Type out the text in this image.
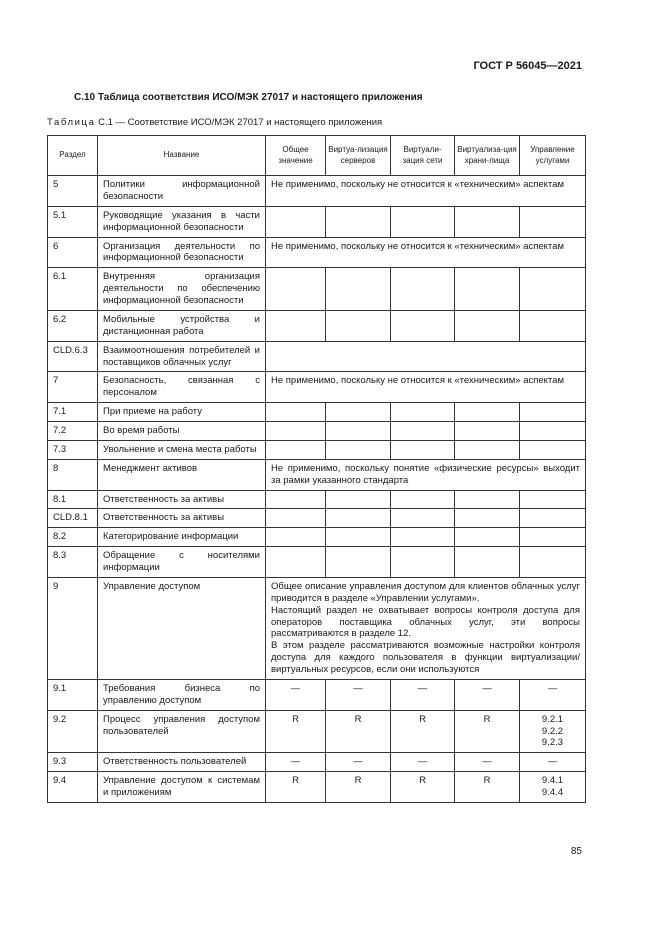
ГОСТ Р 56045—2021
С.10 Таблица соответствия ИСО/МЭК 27017 и настоящего приложения
Таблица С.1 — Соответствие ИСО/МЭК 27017 и настоящего приложения
Раздел	Название	Общее значение	Виртуа-лизация серверов	Виртуали-зация сети	Виртуализа-ция храни-лища	Управление услугами
5	Политики информационной безопасности	Не применимо, поскольку не относится к «техническим» аспектам				
5.1	Руководящие указания в части информационной безопасности					
6	Организация деятельности по информационной безопасности	Не применимо, поскольку не относится к «техническим» аспектам				
6.1	Внутренняя организация деятельности по обеспечению информационной безопасности					
6.2	Мобильные устройства и дистанционная работа					
CLD.6.3	Взаимоотношения потребителей и поставщиков облачных услуг					
7	Безопасность, связанная с персоналом	Не применимо, поскольку не относится к «техническим» аспектам				
7.1	При приеме на работу					
7.2	Во время работы					
7.3	Увольнение и смена места работы					
8	Менеджмент активов	Не применимо, поскольку понятие «физические ресурсы» выходит за рамки указанного стандарта				
8.1	Ответственность за активы					
CLD.8.1	Ответственность за активы					
8.2	Категорирование информации					
8.3	Обращение с носителями информации					
9	Управление доступом	Общее описание управления доступом для клиентов облачных услуг приводится в разделе «Управлении услугами».
Настоящий раздел не охватывает вопросы контроля доступа для операторов поставщика облачных услуг, эти вопросы рассматриваются в разделе 12.
В этом разделе рассматриваются возможные настройки контроля доступа для каждого пользователя в функции виртуализации/виртуальных ресурсов, если они используются				
9.1	Требования бизнеса по управлению доступом	—	—	—	—	—
9.2	Процесс управления доступом пользователей	R	R	R	R	9.2.1
9.2.2
9.2.3
9.3	Ответственность пользователей	—	—	—	—	—
9.4	Управление доступом к системам и приложениям	R	R	R	R	9.4.1
9.4.4
85
